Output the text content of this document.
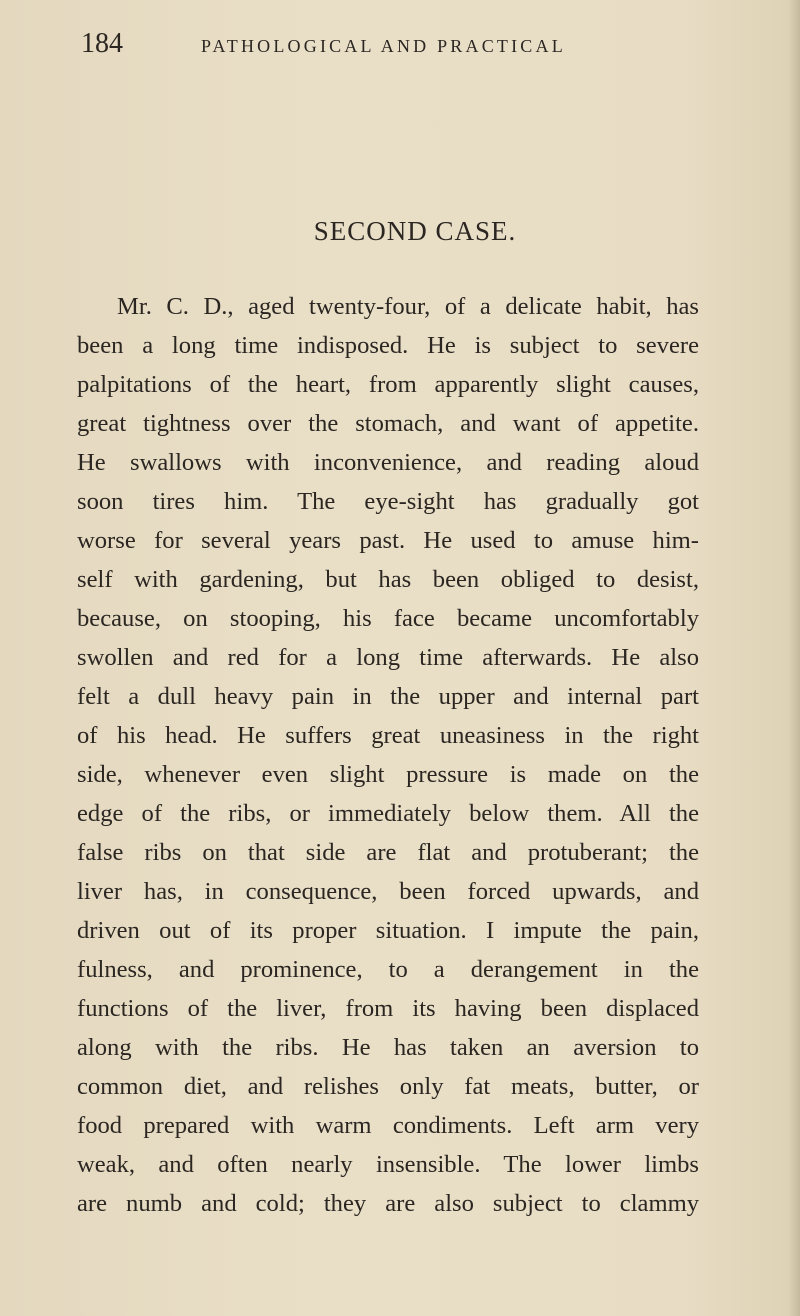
184	PATHOLOGICAL AND PRACTICAL
SECOND CASE.
Mr. C. D., aged twenty-four, of a delicate habit, has
been a long time indisposed. He is subject to severe
palpitations of the heart, from apparently slight causes,
great tightness over the stomach, and want of appetite.
He swallows with inconvenience, and reading aloud
soon tires him. The eye-sight has gradually got
worse for several years past. He used to amuse him-
self with gardening, but has been obliged to desist,
because, on stooping, his face became uncomfortably
swollen and red for a long time afterwards. He also
felt a dull heavy pain in the upper and internal part
of his head. He suffers great uneasiness in the right
side, whenever even slight pressure is made on the
edge of the ribs, or immediately below them. All the
false ribs on that side are flat and protuberant; the
liver has, in consequence, been forced upwards, and
driven out of its proper situation. I impute the pain,
fulness, and prominence, to a derangement in the
functions of the liver, from its having been displaced
along with the ribs. He has taken an aversion to
common diet, and relishes only fat meats, butter, or
food prepared with warm condiments. Left arm very
weak, and often nearly insensible. The lower limbs
are numb and cold; they are also subject to clammy
